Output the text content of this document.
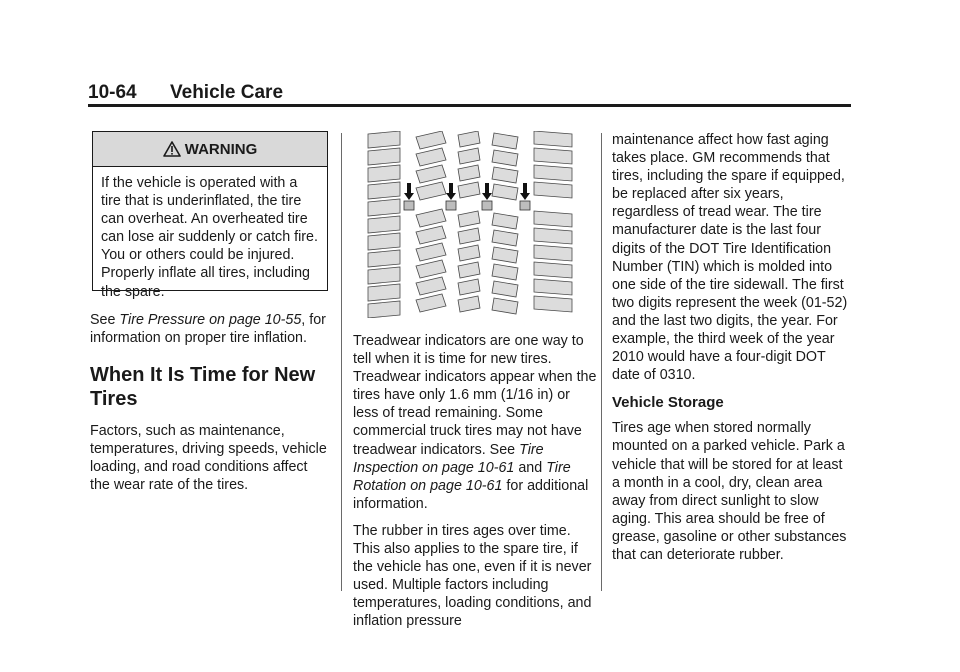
10-64 Vehicle Care
WARNING

If the vehicle is operated with a tire that is underinflated, the tire can overheat. An overheated tire can lose air suddenly or catch fire. You or others could be injured. Properly inflate all tires, including the spare.

See Tire Pressure on page 10-55, for information on proper tire inflation.

When It Is Time for New Tires

Factors, such as maintenance, temperatures, driving speeds, vehicle loading, and road conditions affect the wear rate of the tires.

Treadwear indicators are one way to tell when it is time for new tires. Treadwear indicators appear when the tires have only 1.6 mm (1/16 in) or less of tread remaining. Some commercial truck tires may not have treadwear indicators. See Tire Inspection on page 10-61 and Tire Rotation on page 10-61 for additional information.

The rubber in tires ages over time. This also applies to the spare tire, if the vehicle has one, even if it is never used. Multiple factors including temperatures, loading conditions, and inflation pressure

maintenance affect how fast aging takes place. GM recommends that tires, including the spare if equipped, be replaced after six years, regardless of tread wear. The tire manufacturer date is the last four digits of the DOT Tire Identification Number (TIN) which is molded into one side of the tire sidewall. The first two digits represent the week (01-52) and the last two digits, the year. For example, the third week of the year 2010 would have a four-digit DOT date of 0310.

Vehicle Storage

Tires age when stored normally mounted on a parked vehicle. Park a vehicle that will be stored for at least a month in a cool, dry, clean area away from direct sunlight to slow aging. This area should be free of grease, gasoline or other substances that can deteriorate rubber.
